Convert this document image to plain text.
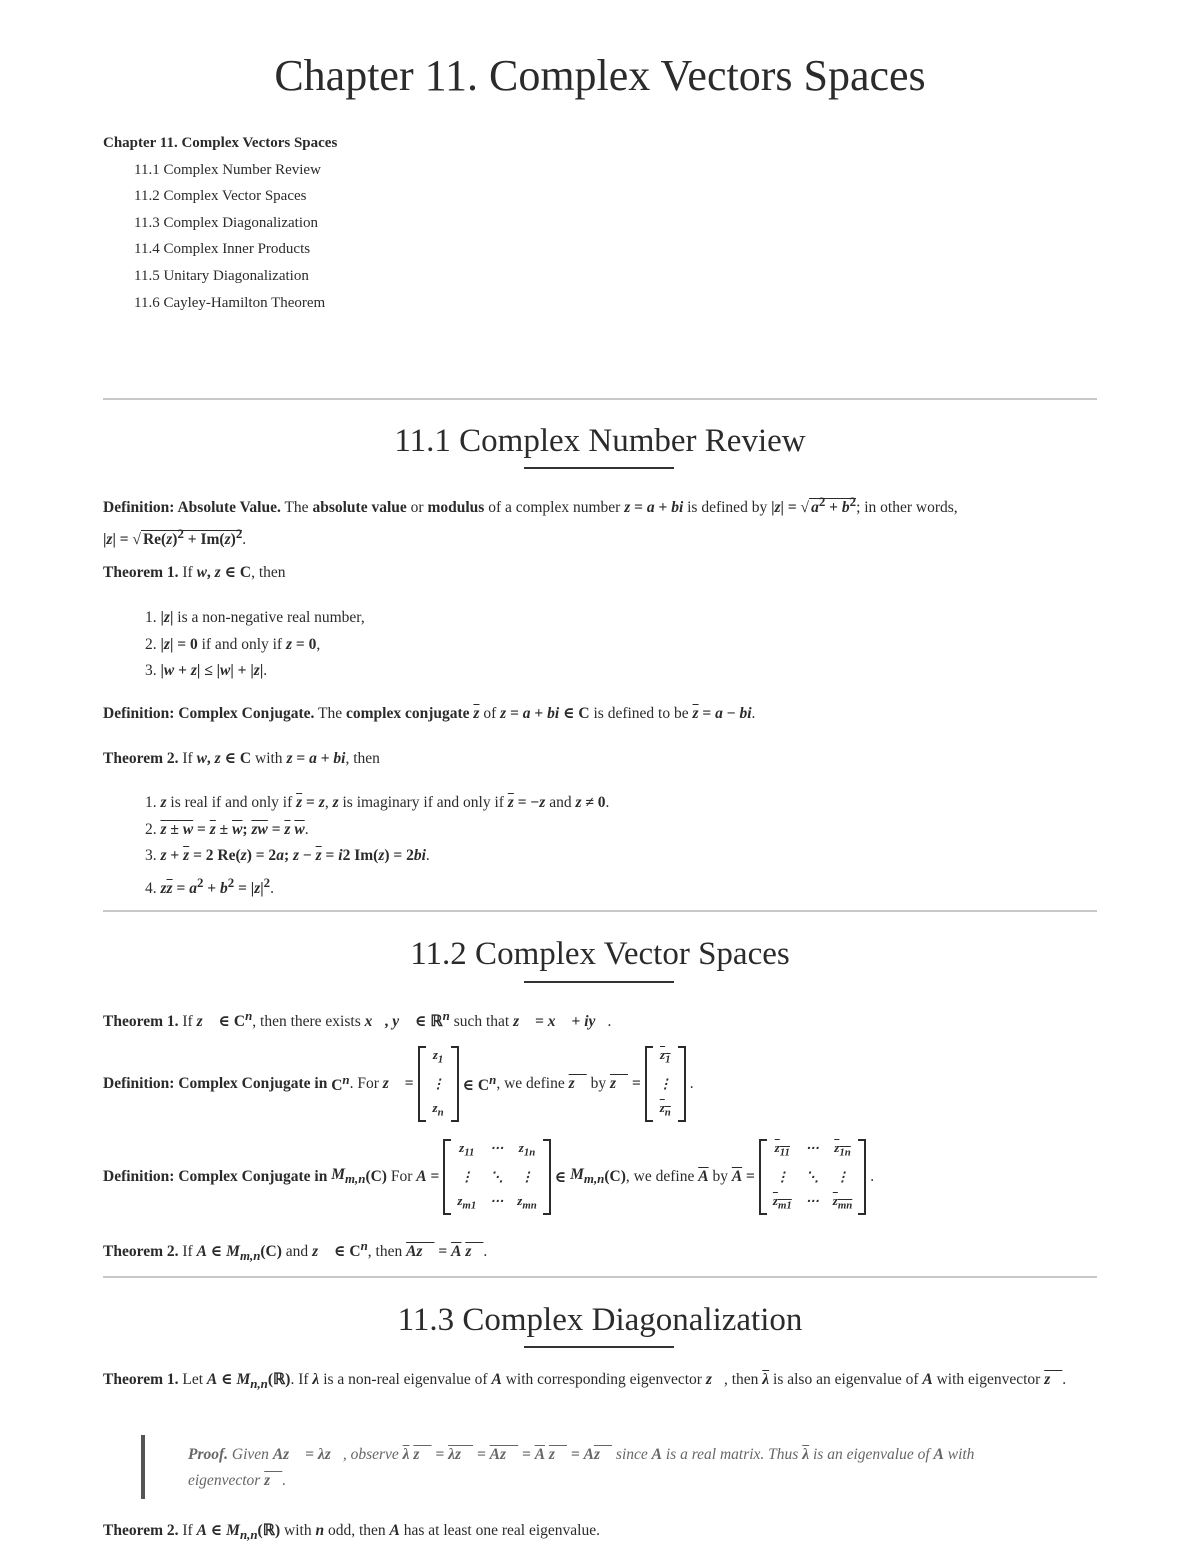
Chapter 11. Complex Vectors Spaces
Chapter 11. Complex Vectors Spaces
11.1 Complex Number Review
11.2 Complex Vector Spaces
11.3 Complex Diagonalization
11.4 Complex Inner Products
11.5 Unitary Diagonalization
11.6 Cayley-Hamilton Theorem
11.1 Complex Number Review
Definition: Absolute Value. The absolute value or modulus of a complex number z = a + bi is defined by |z| = √ $a^2 + b^2$; in other words,
|z| = √ $Re(z)^2 + Im(z)^2$.
Theorem 1. If w, z ∈ C, then
1. |z| is a non-negative real number,
2. |z| = 0 if and only if z = 0,
3. |w + z| ≤ |w| + |z|.
Definition: Complex Conjugate. The complex conjugate $\overline{z}$ of z = a + bi ∈ C is defined to be $\overline{z} = a$ − bi.
Theorem 2. If w, z ∈ C with z = a + bi, then
1. z is real if and only if $\overline{z} = z$, z is imaginary if and only if $\overline{z} = -z$ and z ≠ 0.
2. $z \pm w = \overline{z} \pm \overline{w}$; $\overline{zw} = \overline{z}$ $\overline{w}$.
3. $z + \overline{z} = 2$ Re(z) = 2a; $z - \overline{z} = i2$ Im(z) = 2bi.
4. $z\overline{z} = a^2 + b^2 = |z|^2$.
11.2 Complex Vector Spaces
Theorem 1. If z⃗ ∈ $C^n$, then there exists x⃗, y⃗ ∈ ℝ$^n$ such that z⃗ = x⃗ + iy⃗.
Definition: Complex Conjugate in
$C^n$ . For
z⃗
=
$z_1$
⋮
$z_n$
∈ $C^n$ , we define
z⃗
by
z⃗
=
$z_1$
⋮
$z_n$
.
Definition: Complex Conjugate in
$M_{m,n}$ (C)
For
A
=
$z_{11}$ ⋯ $z_{1n}$
⋮ ⋱ ⋮
$z_{m1}$ ⋯ $z_{mn}$
∈
$M_{m,n}$ (C) , we define
$\overline{A}$
by
$\overline{A}$
=
$z_{11}$ ⋯ $z_{1n}$
⋮ ⋱ ⋮
$z_{m1}$ ⋯ $z_{mn}$
.
Theorem 2. If A ∈ $M_{m,n}(C)$ and z⃗ ∈ $C^n$, then Az⃗ = $\overline{A}$ z⃗.
11.3 Complex Diagonalization
Theorem 1. Let A ∈ $M_{n,n}(ℝ)$. If λ is a non-real eigenvalue of A with corresponding eigenvector z⃗, then $\overline{\lambda}$ is also an eigenvalue of A with eigenvector z⃗.
Proof. Given Az⃗ = λz⃗, observe $\overline{\lambda}$ z⃗ = λz⃗ = Az⃗ = $\overline{A}$ z⃗ = Az⃗ since A is a real matrix. Thus $\overline{\lambda}$ is an eigenvalue of A with eigenvector z⃗.
Theorem 2. If A ∈ $M_{n,n}(ℝ)$ with n odd, then A has at least one real eigenvalue.
